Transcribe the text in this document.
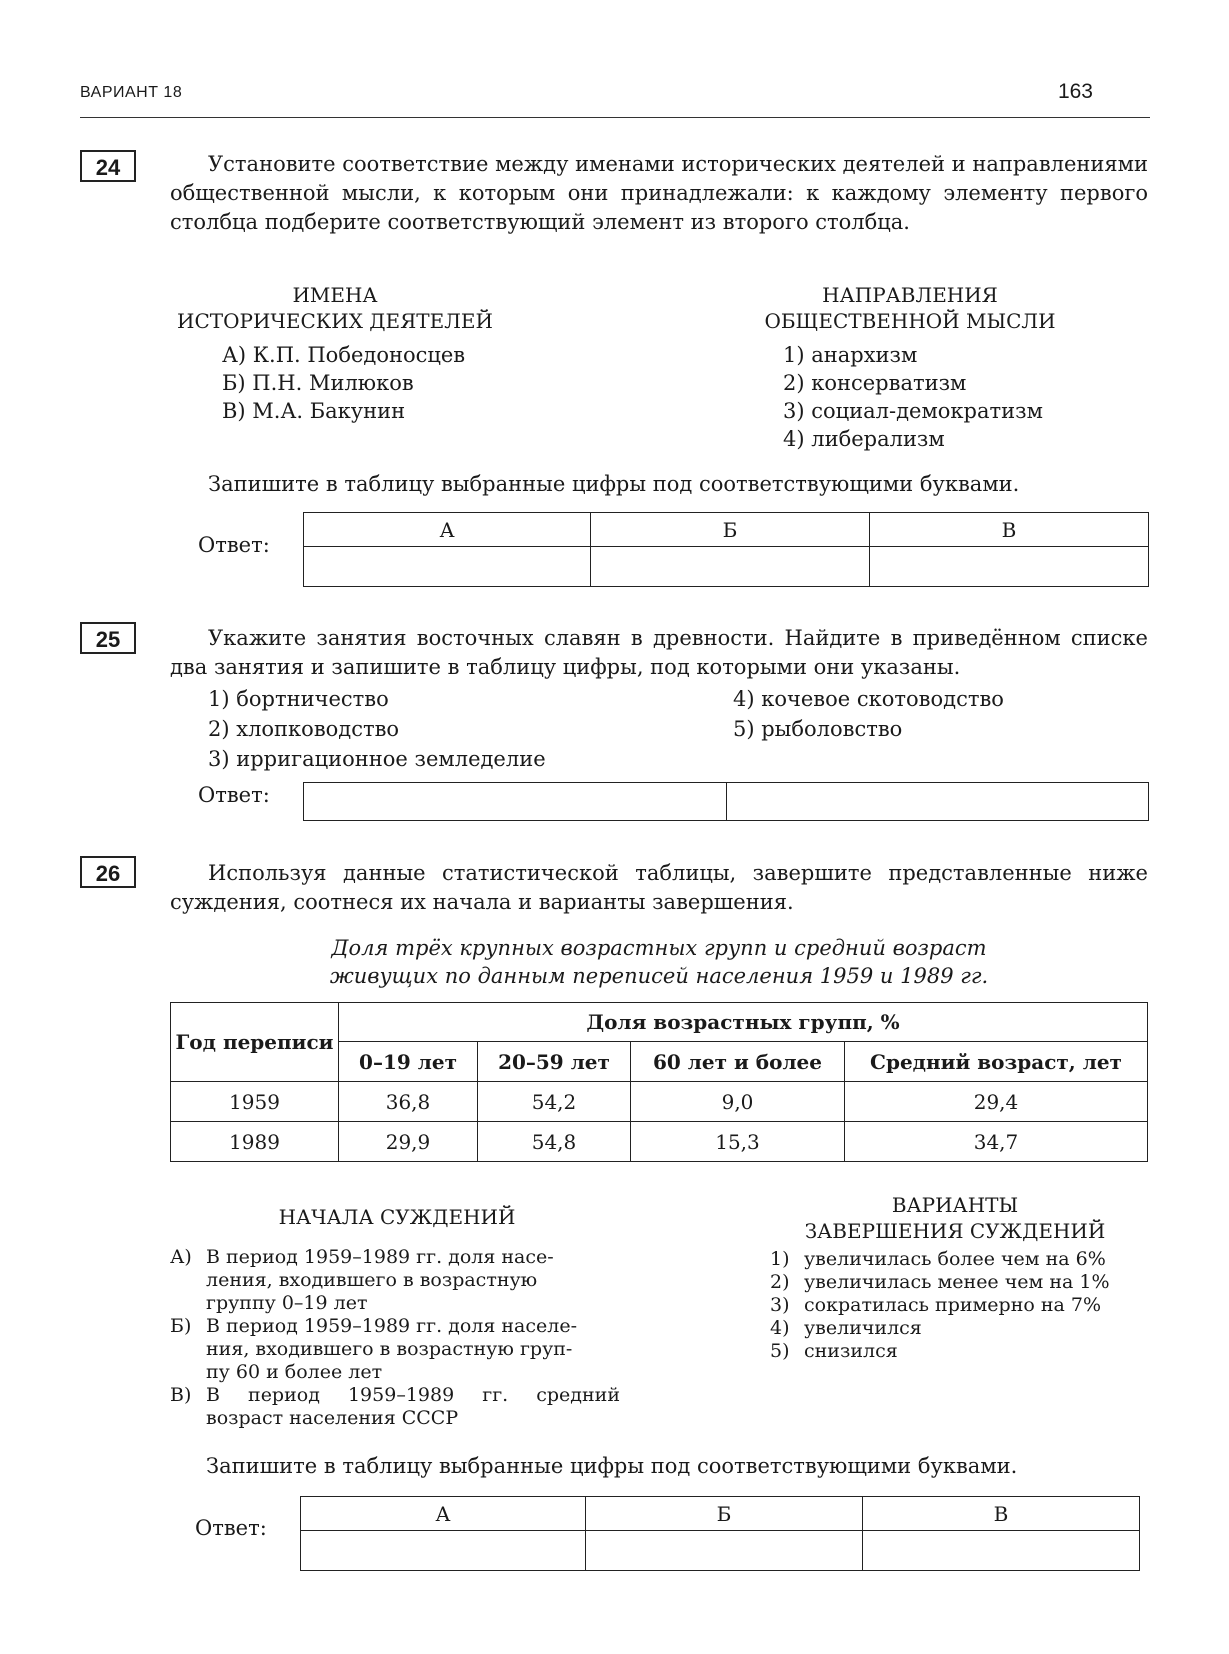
ВАРИАНТ 18	163
24	Установите соответствие между именами исторических деятелей и направлениями общественной мысли, к которым они принадлежали: к каждому элементу первого столбца подберите соответствующий элемент из второго столбца.
ИМЕНА
ИСТОРИЧЕСКИХ ДЕЯТЕЛЕЙ
НАПРАВЛЕНИЯ
ОБЩЕСТВЕННОЙ МЫСЛИ
А) К.П. Победоносцев
Б) П.Н. Милюков
В) М.А. Бакунин
1) анархизм
2) консерватизм
3) социал-демократизм
4) либерализм
Запишите в таблицу выбранные цифры под соответствующими буквами.
Ответ:
А	Б	В

25	Укажите занятия восточных славян в древности. Найдите в приведённом списке два занятия и запишите в таблицу цифры, под которыми они указаны.
1) бортничество
2) хлопководство
3) ирригационное земледелие
4) кочевое скотоводство
5) рыболовство
Ответ:

26	Используя данные статистической таблицы, завершите представленные ниже суждения, соотнеся их начала и варианты завершения.
Доля трёх крупных возрастных групп и средний возраст
живущих по данным переписей населения 1959 и 1989 гг.
Год переписи	Доля возрастных групп, %			
	0–19 лет	20–59 лет	60 лет и более	Средний возраст, лет
1959	36,8	54,2	9,0	29,4
1989	29,9	54,8	15,3	34,7
НАЧАЛА СУЖДЕНИЙ	ВАРИАНТЫ
ЗАВЕРШЕНИЯ СУЖДЕНИЙ
А) В период 1959–1989 гг. доля насе-
ления, входившего в возрастную
группу 0–19 лет
Б) В период 1959–1989 гг. доля населе-
ния, входившего в возрастную груп-
пу 60 и более лет
В) В период 1959–1989 гг. средний
возраст населения СССР
1) увеличилась более чем на 6%
2) увеличилась менее чем на 1%
3) сократилась примерно на 7%
4) увеличился
5) снизился
Запишите в таблицу выбранные цифры под соответствующими буквами.
Ответ:
А	Б	В
